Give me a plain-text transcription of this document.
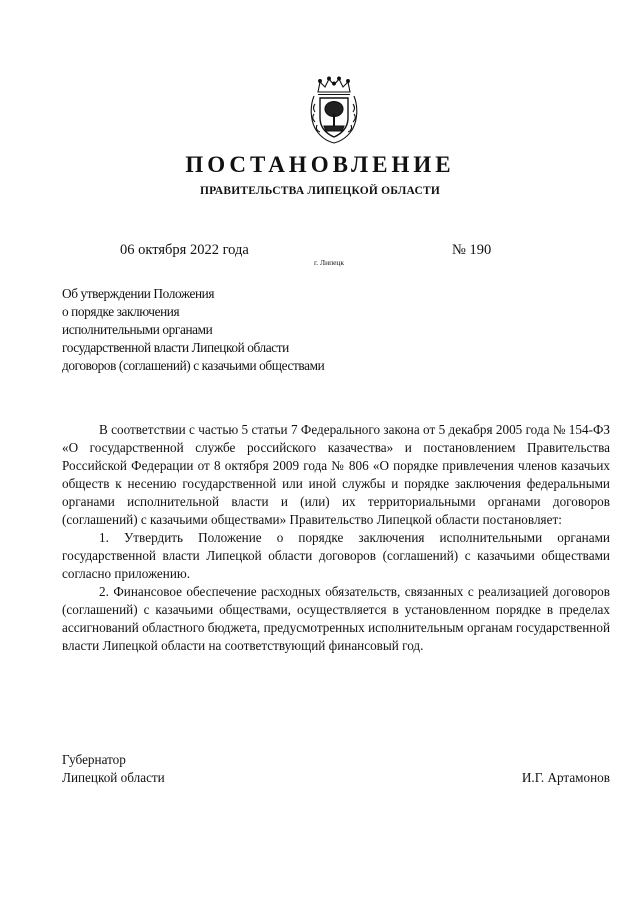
ПОСТАНОВЛЕНИЕ
ПРАВИТЕЛЬСТВА ЛИПЕЦКОЙ ОБЛАСТИ
06 октября 2022 года
г. Липецк
№ 190
Об утверждении Положения
о порядке заключения
исполнительными органами
государственной власти Липецкой области
договоров (соглашений) с казачьими обществами

В соответствии с частью 5 статьи 7 Федерального закона от 5 декабря 2005 года № 154-ФЗ «О государственной службе российского казачества» и постановлением Правительства Российской Федерации от 8 октября 2009 года № 806 «О порядке привлечения членов казачьих обществ к несению государственной или иной службы и порядке заключения федеральными органами исполнительной власти и (или) их территориальными органами договоров (соглашений) с казачьими обществами» Правительство Липецкой области постановляет:

1. Утвердить Положение о порядке заключения исполнительными органами государственной власти Липецкой области договоров (соглашений) с казачьими обществами согласно приложению.

2. Финансовое обеспечение расходных обязательств, связанных с реализацией договоров (соглашений) с казачьими обществами, осуществляется в установленном порядке в пределах ассигнований областного бюджета, предусмотренных исполнительным органам государственной власти Липецкой области на соответствующий финансовый год.

Губернатор
Липецкой области	И.Г. Артамонов
